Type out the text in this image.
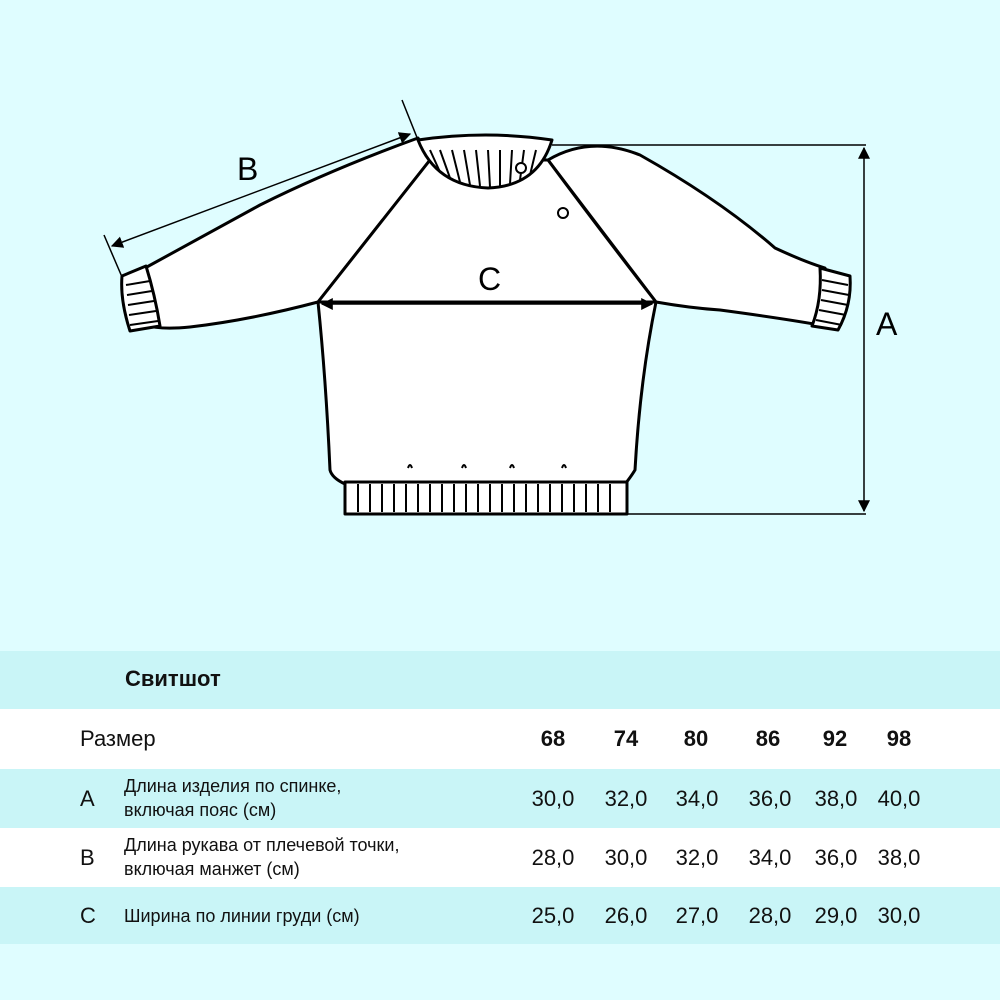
B
C
A
Свитшот
Размер	68	74	80	86	92	98
A Длина изделия по спинке,
включая пояс (см)	30,0	32,0	34,0	36,0	38,0 40,0
B Длина рукава от плечевой точки,
включая манжет (см)	28,0	30,0	32,0	34,0	36,0 38,0
C Ширина по линии груди (см)	25,0	26,0	27,0	28,0	29,0 30,0
